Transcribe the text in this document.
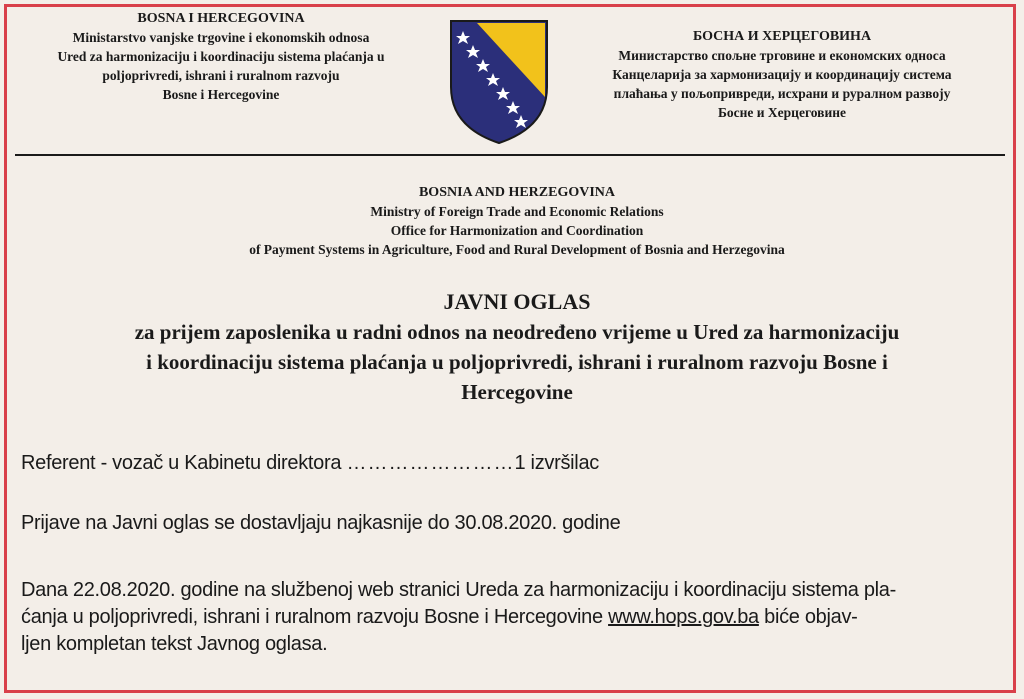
BOSNA I HERCEGOVINA
Ministarstvo vanjske trgovine i ekonomskih odnosa
Ured za harmonizaciju i koordinaciju sistema plaćanja u
poljoprivredi, ishrani i ruralnom razvoju
Bosne i Hercegovine
БОСНА И ХЕРЦЕГОВИНА
Министарство спољне трговине и економских односа
Канцеларија за хармонизацију и координацију система
плаћања у пољопривреди, исхрани и руралном развоју
Босне и Херцеговине
BOSNIA AND HERZEGOVINA
Ministry of Foreign Trade and Economic Relations
Office for Harmonization and Coordination
of Payment Systems in Agriculture, Food and Rural Development of Bosnia and Herzegovina
JAVNI OGLAS
za prijem zaposlenika u radni odnos na neodređeno vrijeme u Ured za harmonizaciju
i koordinaciju sistema plaćanja u poljoprivredi, ishrani i ruralnom razvoju Bosne i
Hercegovine
Referent - vozač u Kabinetu direktora ……………………1 izvršilac
Prijave na Javni oglas se dostavljaju najkasnije do 30.08.2020. godine
Dana 22.08.2020. godine na službenoj web stranici Ureda za harmonizaciju i koordinaciju sistema pla-
ćanja u poljoprivredi, ishrani i ruralnom razvoju Bosne i Hercegovine www.hops.gov.ba biće objav-
ljen kompletan tekst Javnog oglasa.
